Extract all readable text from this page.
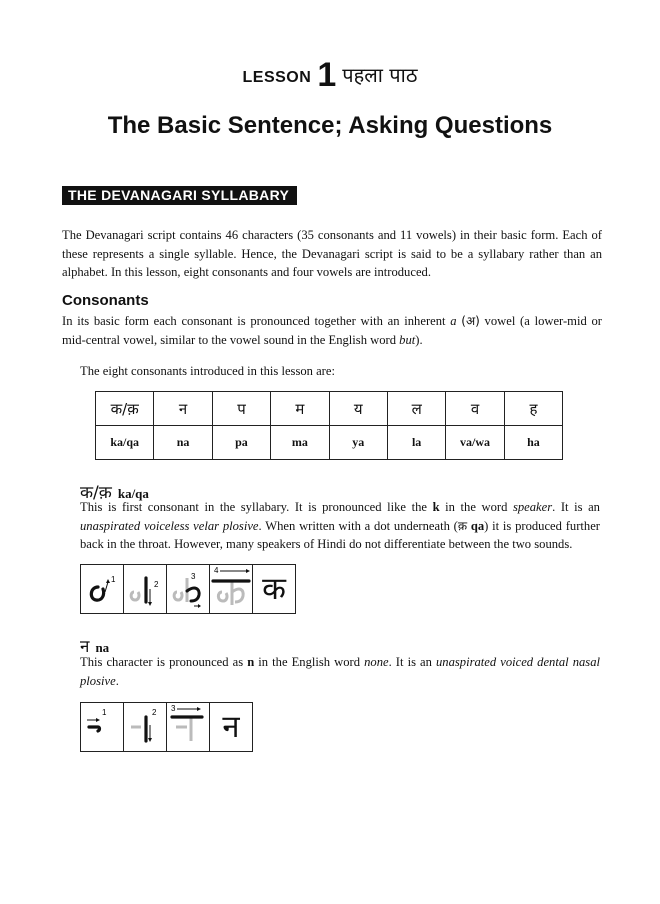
LESSON 1 पहला पाठ
The Basic Sentence; Asking Questions
THE DEVANAGARI SYLLABARY
The Devanagari script contains 46 characters (35 consonants and 11 vowels) in their basic form. Each of these represents a single syllable. Hence, the Devanagari script is said to be a syllabary rather than an alphabet. In this lesson, eight consonants and four vowels are introduced.
Consonants
In its basic form each consonant is pronounced together with an inherent a (अ) vowel (a lower-mid or mid-central vowel, similar to the vowel sound in the English word but).
The eight consonants introduced in this lesson are:
क/क़	न	प	म	य	ल	व	ह
ka/qa	na	pa	ma	ya	la	va/wa	ha
क/क़ ka/qa
This is first consonant in the syllabary. It is pronounced like the k in the word speaker. It is an unaspirated voiceless velar plosive. When written with a dot underneath (क़ qa) it is produced further back in the throat. However, many speakers of Hindi do not differentiate between the two sounds.
1
2
3
4
क
न na
This character is pronounced as n in the English word none. It is an unaspirated voiced dental nasal plosive.
1	2 3
न
